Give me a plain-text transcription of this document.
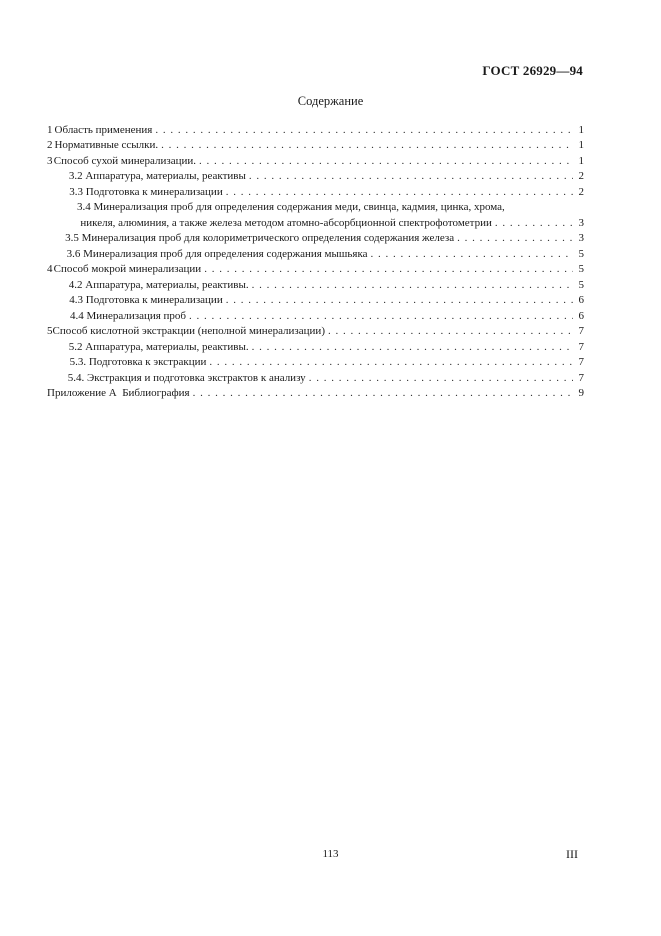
ГОСТ 26929—94
Содержание
1 Область применения . . .	1
2 Нормативные ссылки. . . .	1
3 Способ сухой минерализации. . . .	1
3.2 Аппаратура, материалы, реактивы . . .	2
3.3 Подготовка к минерализации . . .	2
3.4 Минерализация проб для определения содержания меди, свинца, кадмия, цинка, хрома,
никеля, алюминия, а также железа методом атомно-абсорбционной спектрофотометрии . . .	3
3.5 Минерализация проб для колориметрического определения содержания железа . . .	3
3.6 Минерализация проб для определения содержания мышьяка . . .	5
4 Способ мокрой минерализации . . .	5
4.2 Аппаратура, материалы, реактивы. . . .	5
4.3 Подготовка к минерализации . . .	6
4.4 Минерализация проб . . .	6
5 Способ кислотной экстракции (неполной минерализации) . . .	7
5.2 Аппаратура, материалы, реактивы. . . .	7
5.3. Подготовка к экстракции . . .	7
5.4. Экстракция и подготовка экстрактов к анализу . . .	7
Приложение А  Библиография . . .	9
113	III
